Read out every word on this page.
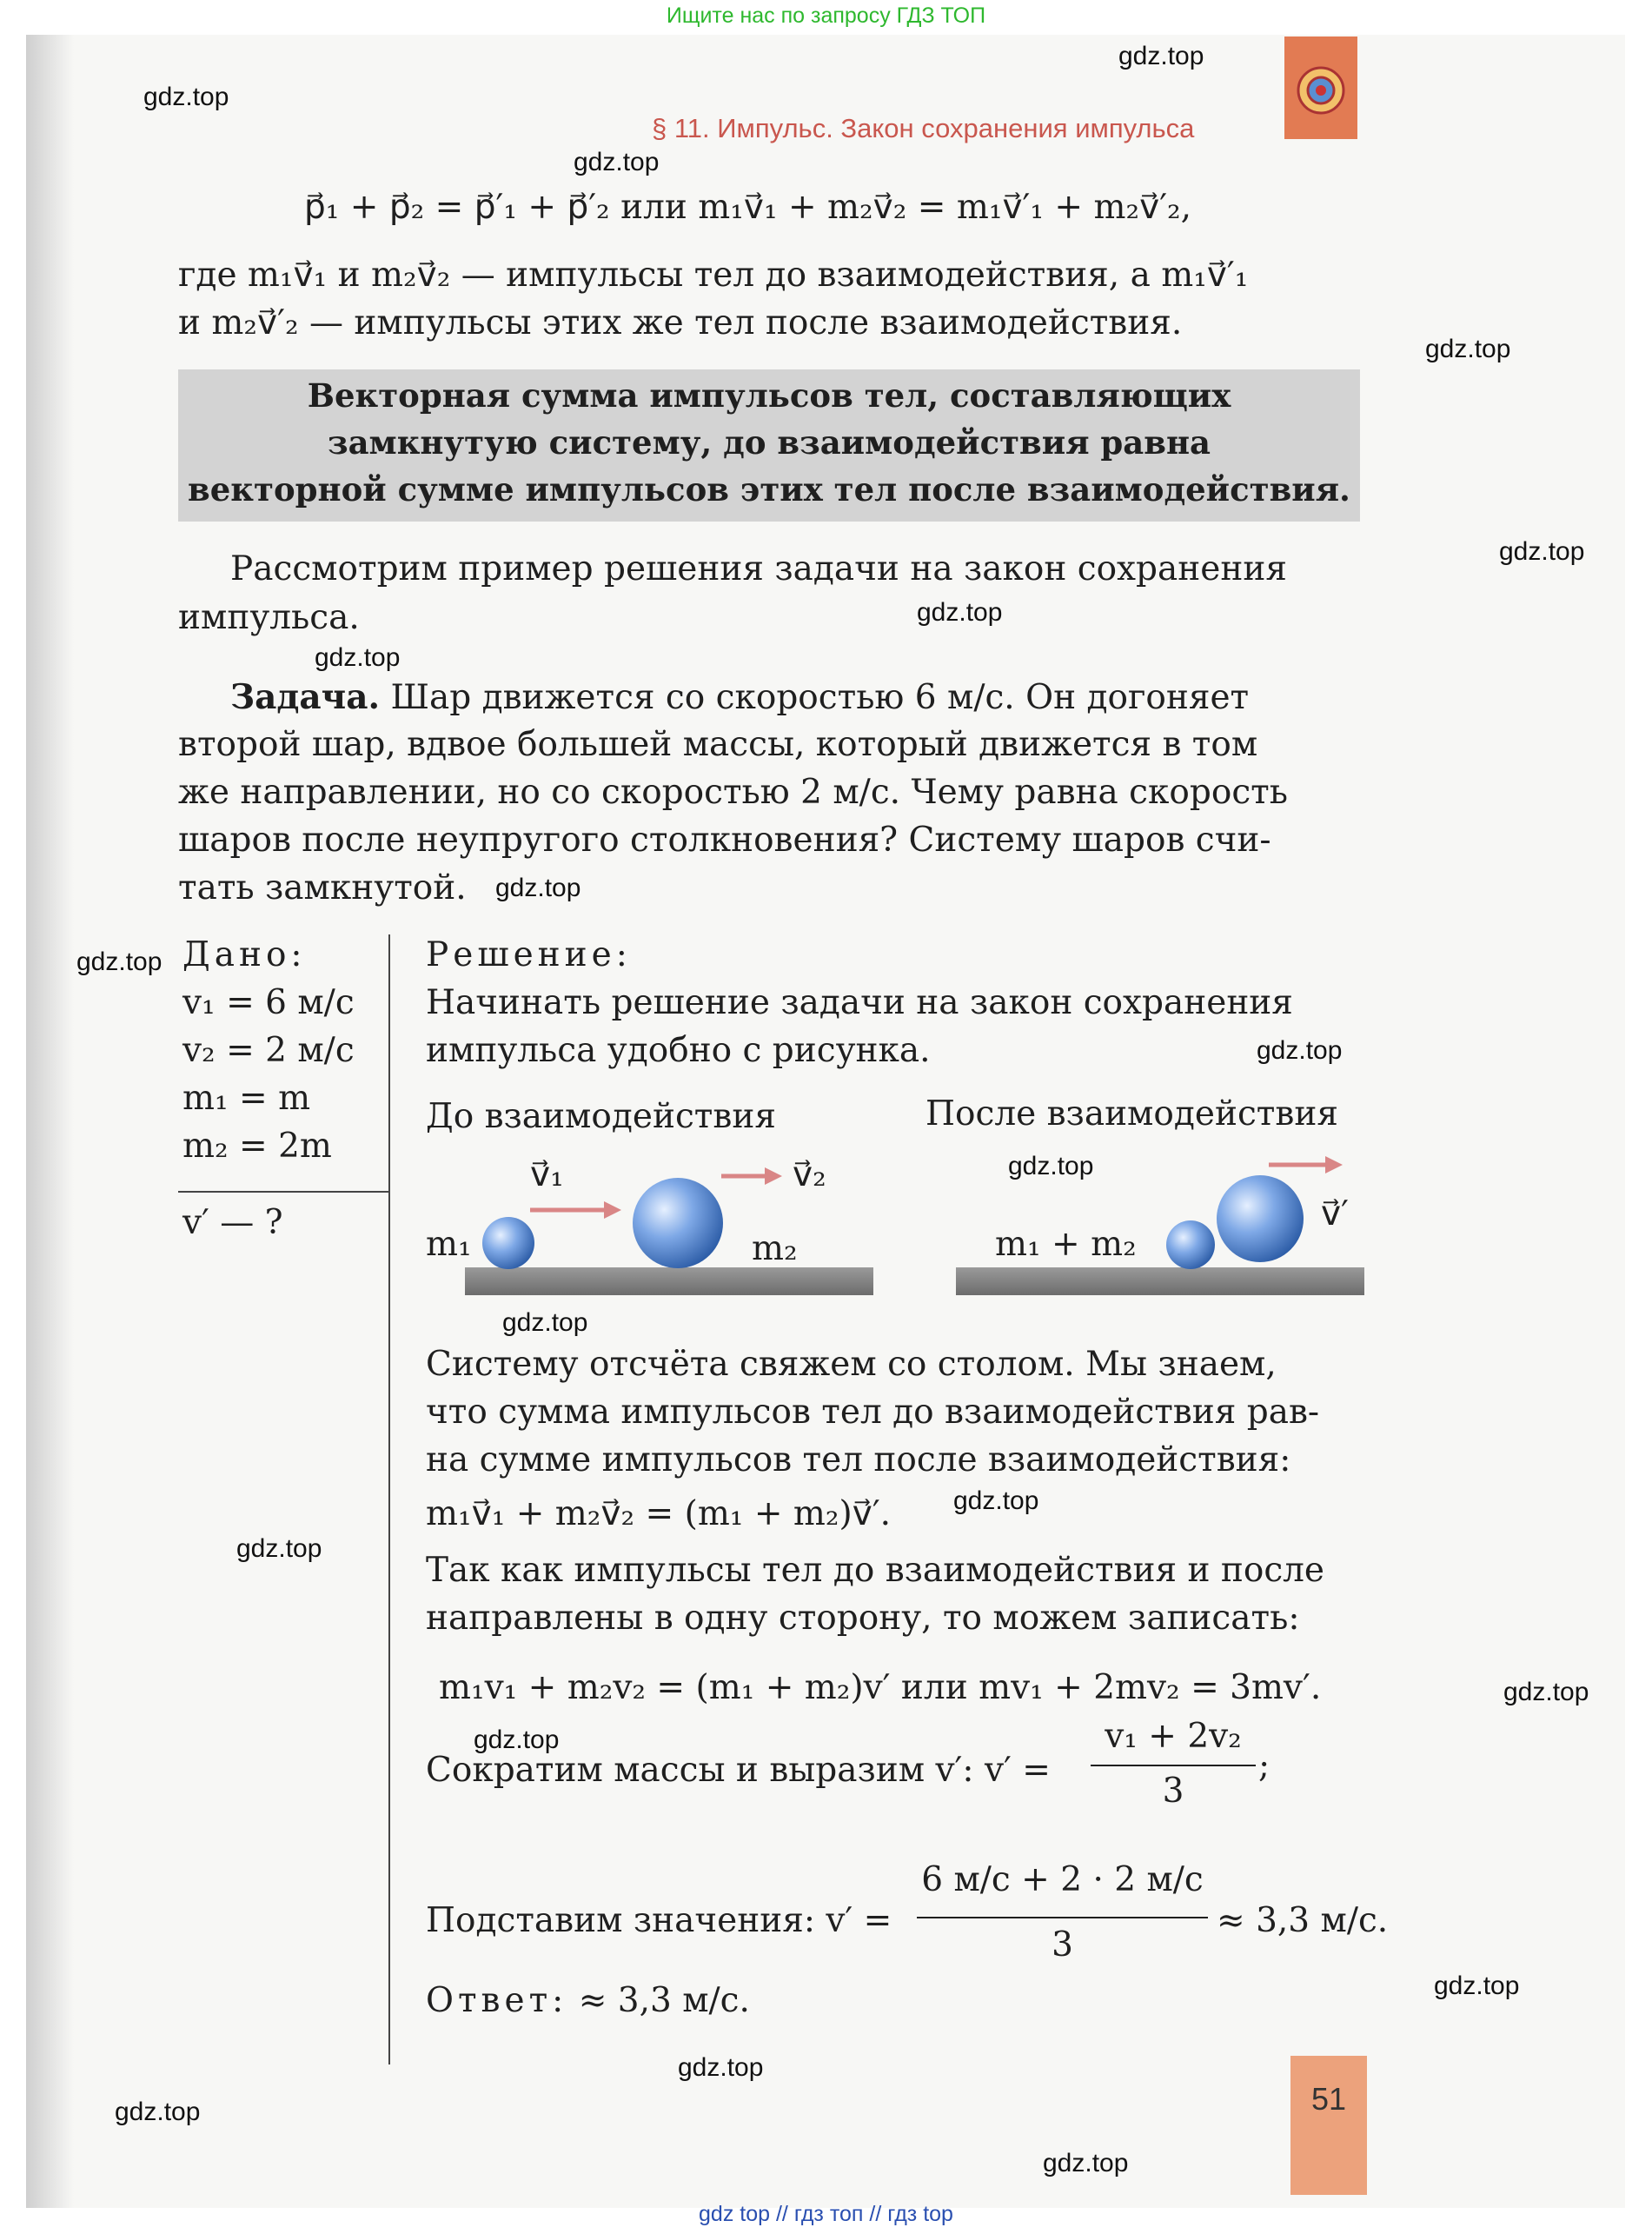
Ищите нас по запросу ГДЗ ТОП
gdz.top
gdz.top
gdz.top
gdz.top
gdz.top
gdz.top
gdz.top
gdz.top
gdz.top
gdz.top
gdz.top
gdz.top
gdz.top
gdz.top
gdz.top
gdz.top
gdz.top
gdz.top
gdz.top
gdz.top
§ 11. Импульс. Закон сохранения импульса
p⃗₁ + p⃗₂ = p⃗′₁ + p⃗′₂ или m₁v⃗₁ + m₂v⃗₂ = m₁v⃗′₁ + m₂v⃗′₂,
где m₁v⃗₁ и m₂v⃗₂ — импульсы тел до взаимодействия, а m₁v⃗′₁
и m₂v⃗′₂ — импульсы этих же тел после взаимодействия.
Векторная сумма импульсов тел, составляющих
замкнутую систему, до взаимодействия равна
векторной сумме импульсов этих тел после взаимодействия.
Рассмотрим пример решения задачи на закон сохранения
импульса.
Задача. Шар движется со скоростью 6 м/с. Он догоняет
второй шар, вдвое большей массы, который движется в том
же направлении, но со скоростью 2 м/с. Чему равна скорость
шаров после неупругого столкновения? Систему шаров счи-
тать замкнутой.
Дано:
v₁ = 6 м/с
v₂ = 2 м/с
m₁ = m
m₂ = 2m
v′ — ?
Решение:
Начинать решение задачи на закон сохранения
импульса удобно с рисунка.
До взаимодействия	После взаимодействия
v⃗₁	v⃗₂
m₁	m₂	m₁ + m₂
v⃗′
Систему отсчёта свяжем со столом. Мы знаем,
что сумма импульсов тел до взаимодействия рав-
на сумме импульсов тел после взаимодействия:
m₁v⃗₁ + m₂v⃗₂ = (m₁ + m₂)v⃗′.
Так как импульсы тел до взаимодействия и после
направлены в одну сторону, то можем записать:
m₁v₁ + m₂v₂ = (m₁ + m₂)v′ или mv₁ + 2mv₂ = 3mv′.
Сократим массы и выразим v′: v′ =
v₁ + 2v₂
3
;
Подставим значения: v′ =
6 м/с + 2 · 2 м/с
3
≈ 3,3 м/с.
Ответ: ≈ 3,3 м/с.
51
gdz top // гдз топ // гдз top
